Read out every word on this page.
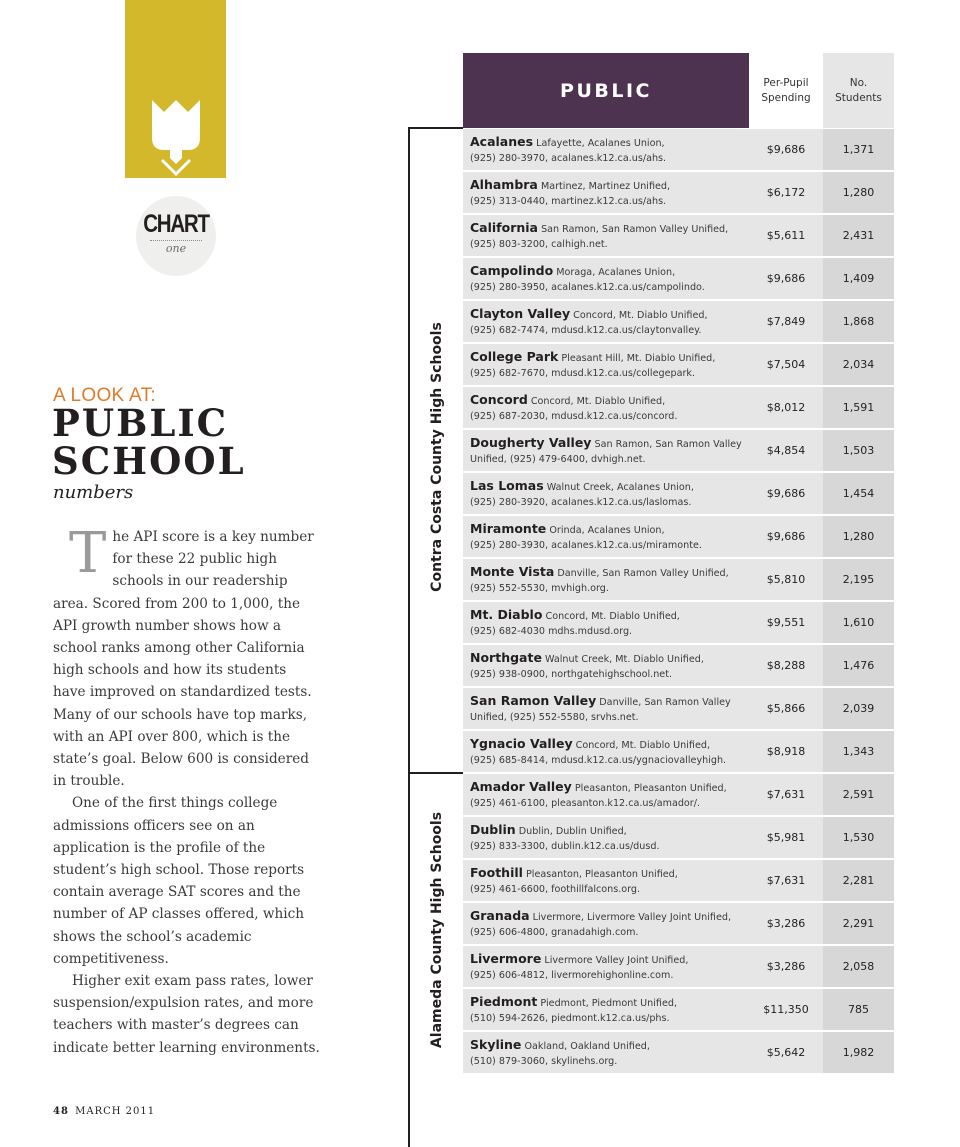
CHART
one
A LOOK AT:
PUBLIC
SCHOOL
numbers

The API score is a key number for these 22 public high schools in our readership area. Scored from 200 to 1,000, the API growth number shows how a school ranks among other California high schools and how its students have improved on standardized tests. Many of our schools have top marks, with an API over 800, which is the state’s goal. Below 600 is considered in trouble.

One of the first things college admissions officers see on an application is the profile of the student’s high school. Those reports contain average SAT scores and the number of AP classes offered, which shows the school’s academic competitiveness.

Higher exit exam pass rates, lower suspension/expulsion rates, and more teachers with master’s degrees can indicate better learning environments.

48 MARCH 2011
PUBLIC	Per-Pupil
Spending
No.
Students
Contra Costa County High Schools
Alameda County High Schools
Acalanes Lafayette, Acalanes Union,
(925) 280-3970, acalanes.k12.ca.us/ahs.
$9,686	1,371
Alhambra Martinez, Martinez Unified,
(925) 313-0440, martinez.k12.ca.us/ahs.
$6,172	1,280
California San Ramon, San Ramon Valley Unified,
(925) 803-3200, calhigh.net.
$5,611	2,431
Campolindo Moraga, Acalanes Union,
(925) 280-3950, acalanes.k12.ca.us/campolindo.
$9,686	1,409
Clayton Valley Concord, Mt. Diablo Unified,
(925) 682-7474, mdusd.k12.ca.us/claytonvalley.
$7,849	1,868
College Park Pleasant Hill, Mt. Diablo Unified,
(925) 682-7670, mdusd.k12.ca.us/collegepark.
$7,504	2,034
Concord Concord, Mt. Diablo Unified,
(925) 687-2030, mdusd.k12.ca.us/concord.
$8,012	1,591
Dougherty Valley San Ramon, San Ramon Valley
Unified, (925) 479-6400, dvhigh.net.
$4,854	1,503
Las Lomas Walnut Creek, Acalanes Union,
(925) 280-3920, acalanes.k12.ca.us/laslomas.
$9,686	1,454
Miramonte Orinda, Acalanes Union,
(925) 280-3930, acalanes.k12.ca.us/miramonte.
$9,686	1,280
Monte Vista Danville, San Ramon Valley Unified,
(925) 552-5530, mvhigh.org.
$5,810	2,195
Mt. Diablo Concord, Mt. Diablo Unified,
(925) 682-4030 mdhs.mdusd.org.
$9,551	1,610
Northgate Walnut Creek, Mt. Diablo Unified,
(925) 938-0900, northgatehighschool.net.
$8,288	1,476
San Ramon Valley Danville, San Ramon Valley
Unified, (925) 552-5580, srvhs.net.
$5,866	2,039
Ygnacio Valley Concord, Mt. Diablo Unified,
(925) 685-8414, mdusd.k12.ca.us/ygnaciovalleyhigh.
$8,918	1,343
Amador Valley Pleasanton, Pleasanton Unified,
(925) 461-6100, pleasanton.k12.ca.us/amador/.
$7,631	2,591
Dublin Dublin, Dublin Unified,
(925) 833-3300, dublin.k12.ca.us/dusd.
$5,981	1,530
Foothill Pleasanton, Pleasanton Unified,
(925) 461-6600, foothillfalcons.org.
$7,631	2,281
Granada Livermore, Livermore Valley Joint Unified,
(925) 606-4800, granadahigh.com.
$3,286	2,291
Livermore Livermore Valley Joint Unified,
(925) 606-4812, livermorehighonline.com.
$3,286	2,058
Piedmont Piedmont, Piedmont Unified,
(510) 594-2626, piedmont.k12.ca.us/phs.
$11,350	785
Skyline Oakland, Oakland Unified,
(510) 879-3060, skylinehs.org.
$5,642	1,982
